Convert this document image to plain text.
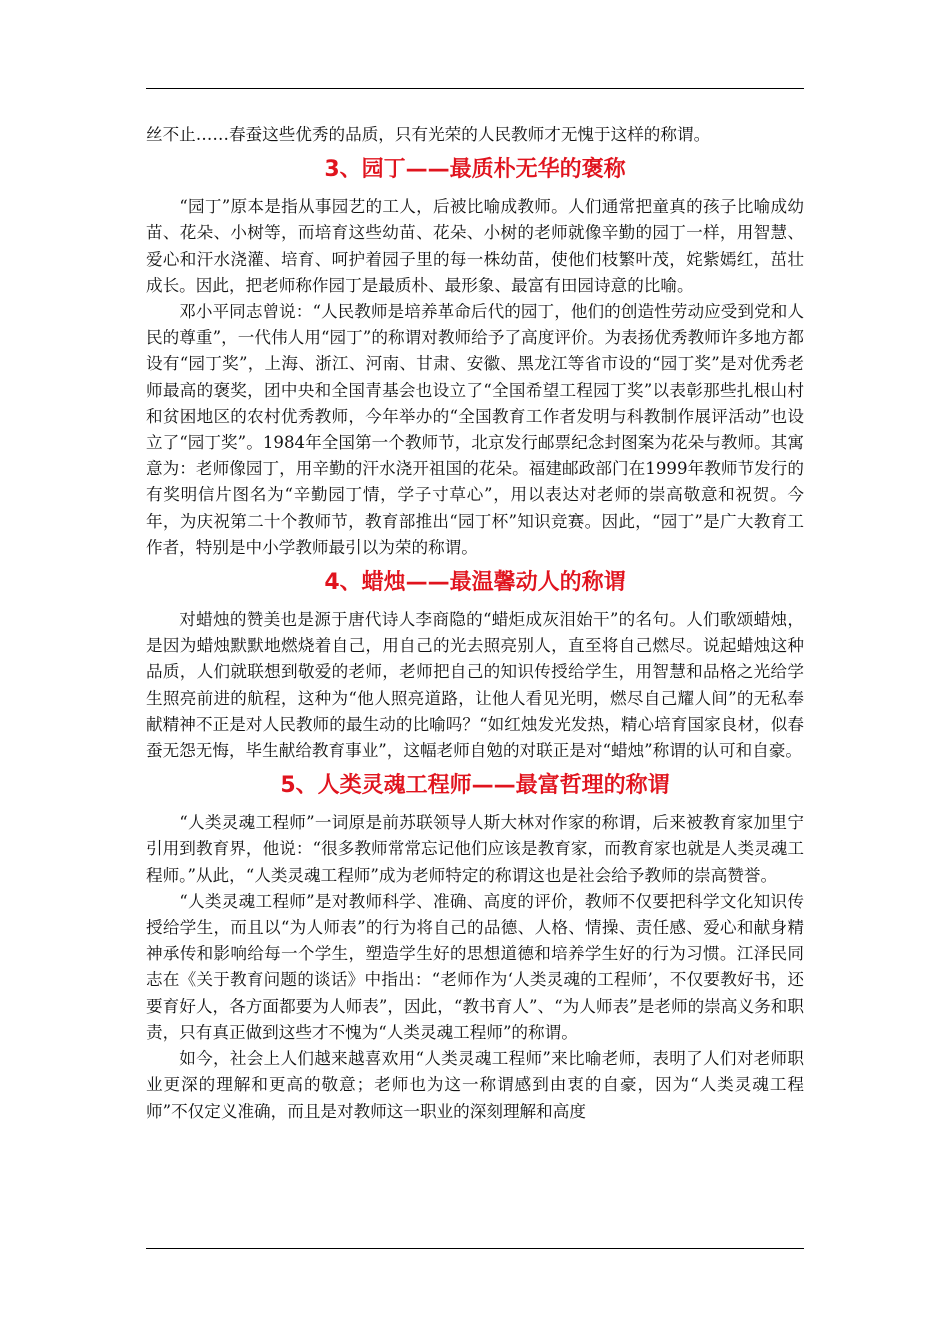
丝不止……春蚕这些优秀的品质，只有光荣的人民教师才无愧于这样的称谓。

3、园丁——最质朴无华的褒称

“园丁”原本是指从事园艺的工人，后被比喻成教师。人们通常把童真的孩子比喻成幼苗、花朵、小树等，而培育这些幼苗、花朵、小树的老师就像辛勤的园丁一样，用智慧、爱心和汗水浇灌、培育、呵护着园子里的每一株幼苗，使他们枝繁叶茂，姹紫嫣红，茁壮成长。因此，把老师称作园丁是最质朴、最形象、最富有田园诗意的比喻。

邓小平同志曾说：“人民教师是培养革命后代的园丁，他们的创造性劳动应受到党和人民的尊重”，一代伟人用“园丁”的称谓对教师给予了高度评价。为表扬优秀教师许多地方都设有“园丁奖”，上海、浙江、河南、甘肃、安徽、黑龙江等省市设的“园丁奖”是对优秀老师最高的褒奖，团中央和全国青基会也设立了“全国希望工程园丁奖”以表彰那些扎根山村和贫困地区的农村优秀教师，今年举办的“全国教育工作者发明与科教制作展评活动”也设立了“园丁奖”。1984年全国第一个教师节，北京发行邮票纪念封图案为花朵与教师。其寓意为：老师像园丁，用辛勤的汗水浇开祖国的花朵。福建邮政部门在1999年教师节发行的有奖明信片图名为“辛勤园丁情，学子寸草心”，用以表达对老师的崇高敬意和祝贺。今年，为庆祝第二十个教师节，教育部推出“园丁杯”知识竞赛。因此，“园丁”是广大教育工作者，特别是中小学教师最引以为荣的称谓。

4、蜡烛——最温馨动人的称谓

对蜡烛的赞美也是源于唐代诗人李商隐的“蜡炬成灰泪始干”的名句。人们歌颂蜡烛，是因为蜡烛默默地燃烧着自己，用自己的光去照亮别人，直至将自己燃尽。说起蜡烛这种品质，人们就联想到敬爱的老师，老师把自己的知识传授给学生，用智慧和品格之光给学生照亮前进的航程，这种为“他人照亮道路，让他人看见光明，燃尽自己耀人间”的无私奉献精神不正是对人民教师的最生动的比喻吗？“如红烛发光发热，精心培育国家良材，似春蚕无怨无悔，毕生献给教育事业”，这幅老师自勉的对联正是对“蜡烛”称谓的认可和自豪。

5、人类灵魂工程师——最富哲理的称谓

“人类灵魂工程师”一词原是前苏联领导人斯大林对作家的称谓，后来被教育家加里宁引用到教育界，他说：“很多教师常常忘记他们应该是教育家，而教育家也就是人类灵魂工程师。”从此，“人类灵魂工程师”成为老师特定的称谓这也是社会给予教师的崇高赞誉。

“人类灵魂工程师”是对教师科学、准确、高度的评价，教师不仅要把科学文化知识传授给学生，而且以“为人师表”的行为将自己的品德、人格、情操、责任感、爱心和献身精神承传和影响给每一个学生，塑造学生好的思想道德和培养学生好的行为习惯。江泽民同志在《关于教育问题的谈话》中指出：“老师作为‘人类灵魂的工程师’，不仅要教好书，还要育好人，各方面都要为人师表”，因此，“教书育人”、“为人师表”是老师的崇高义务和职责，只有真正做到这些才不愧为“人类灵魂工程师”的称谓。

如今，社会上人们越来越喜欢用“人类灵魂工程师”来比喻老师，表明了人们对老师职业更深的理解和更高的敬意；老师也为这一称谓感到由衷的自豪，因为“人类灵魂工程师”不仅定义准确，而且是对教师这一职业的深刻理解和高度
